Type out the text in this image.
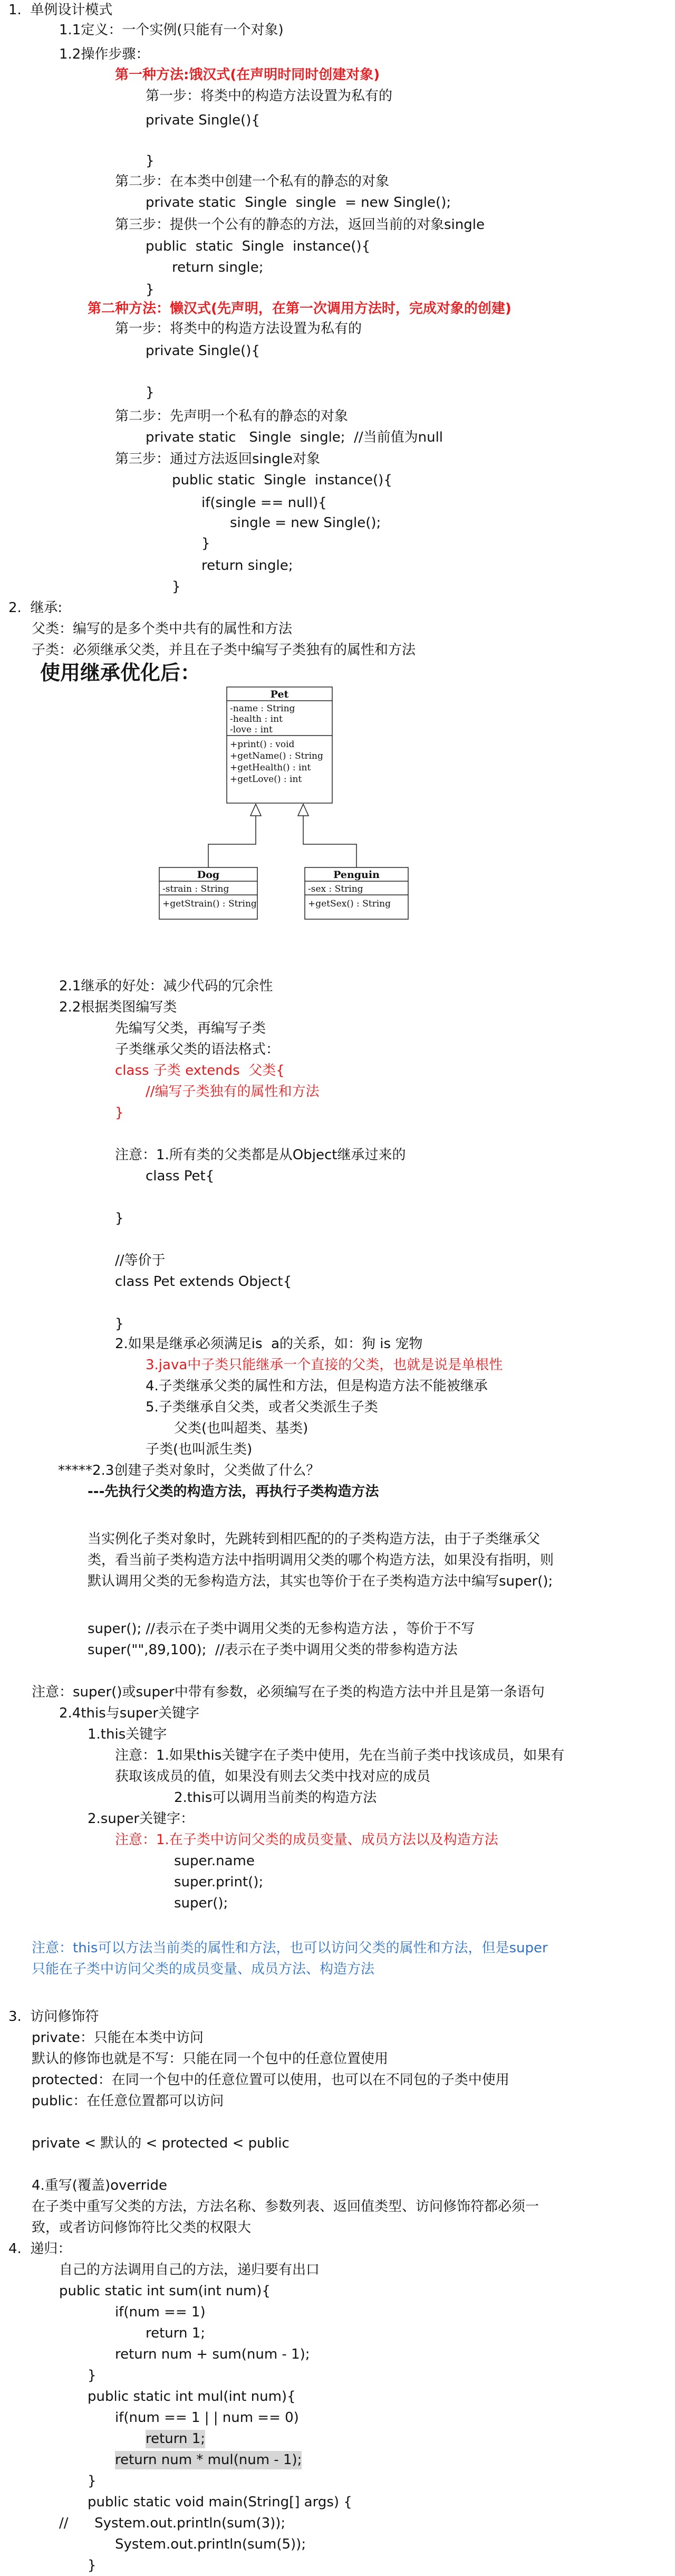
1.  单例设计模式
1.1定义：一个实例(只能有一个对象)
1.2操作步骤：
第一种方法:饿汉式(在声明时同时创建对象)
第一步：将类中的构造方法设置为私有的
private Single(){
}
第二步：在本类中创建一个私有的静态的对象
private static  Single  single  = new Single();
第三步：提供一个公有的静态的方法，返回当前的对象single
public  static  Single  instance(){
return single;
}
第二种方法：懒汉式(先声明，在第一次调用方法时，完成对象的创建)
第一步：将类中的构造方法设置为私有的
private Single(){
}
第二步：先声明一个私有的静态的对象
private static   Single  single;  //当前值为null
第三步：通过方法返回single对象
public static  Single  instance(){
if(single == null){
single = new Single();
}
return single;
}
2.  继承:
父类：编写的是多个类中共有的属性和方法
子类：必须继承父类，并且在子类中编写子类独有的属性和方法
使用继承优化后：
2.1继承的好处：减少代码的冗余性
2.2根据类图编写类
先编写父类，再编写子类
子类继承父类的语法格式：
class 子类 extends  父类{
//编写子类独有的属性和方法
}
注意：1.所有类的父类都是从Object继承过来的
class Pet{
}
//等价于
class Pet extends Object{
}
2.如果是继承必须满足is  a的关系，如：狗 is 宠物
3.java中子类只能继承一个直接的父类，也就是说是单根性
4.子类继承父类的属性和方法，但是构造方法不能被继承
5.子类继承自父类，或者父类派生子类
父类(也叫超类、基类)
子类(也叫派生类)
*****2.3创建子类对象时，父类做了什么？
---先执行父类的构造方法，再执行子类构造方法
当实例化子类对象时，先跳转到相匹配的的子类构造方法，由于子类继承父
类，看当前子类构造方法中指明调用父类的哪个构造方法，如果没有指明，则
默认调用父类的无参构造方法，其实也等价于在子类构造方法中编写super();
super(); //表示在子类中调用父类的无参构造方法 ，等价于不写
super("",89,100);  //表示在子类中调用父类的带参构造方法
注意：super()或super中带有参数，必须编写在子类的构造方法中并且是第一条语句
2.4this与super关键字
1.this关键字
注意：1.如果this关键字在子类中使用，先在当前子类中找该成员，如果有
获取该成员的值，如果没有则去父类中找对应的成员
2.this可以调用当前类的构造方法
2.super关键字：
注意：1.在子类中访问父类的成员变量、成员方法以及构造方法
super.name
super.print();
super();
注意：this可以方法当前类的属性和方法，也可以访问父类的属性和方法，但是super
只能在子类中访问父类的成员变量、成员方法、构造方法
3.  访问修饰符
private：只能在本类中访问
默认的修饰也就是不写：只能在同一个包中的任意位置使用
protected：在同一个包中的任意位置可以使用，也可以在不同包的子类中使用
public：在任意位置都可以访问
private < 默认的 < protected < public
4.重写(覆盖)override
在子类中重写父类的方法，方法名称、参数列表、返回值类型、访问修饰符都必须一
致，或者访问修饰符比父类的权限大
4.  递归：
自己的方法调用自己的方法，递归要有出口
public static int sum(int num){
if(num == 1)
return 1;
return num + sum(num - 1);
}
public static int mul(int num){
if(num == 1 | | num == 0)
return 1;
return num * mul(num - 1);
}
public static void main(String[] args) {
//      System.out.println(sum(3));
System.out.println(sum(5));
}
Pet
-name : String
-health : int
-love : int
+print() : void
+getName() : String
+getHealth() : int
+getLove() : int
Dog
-strain : String
+getStrain() : String
Penguin
-sex : String
+getSex() : String
